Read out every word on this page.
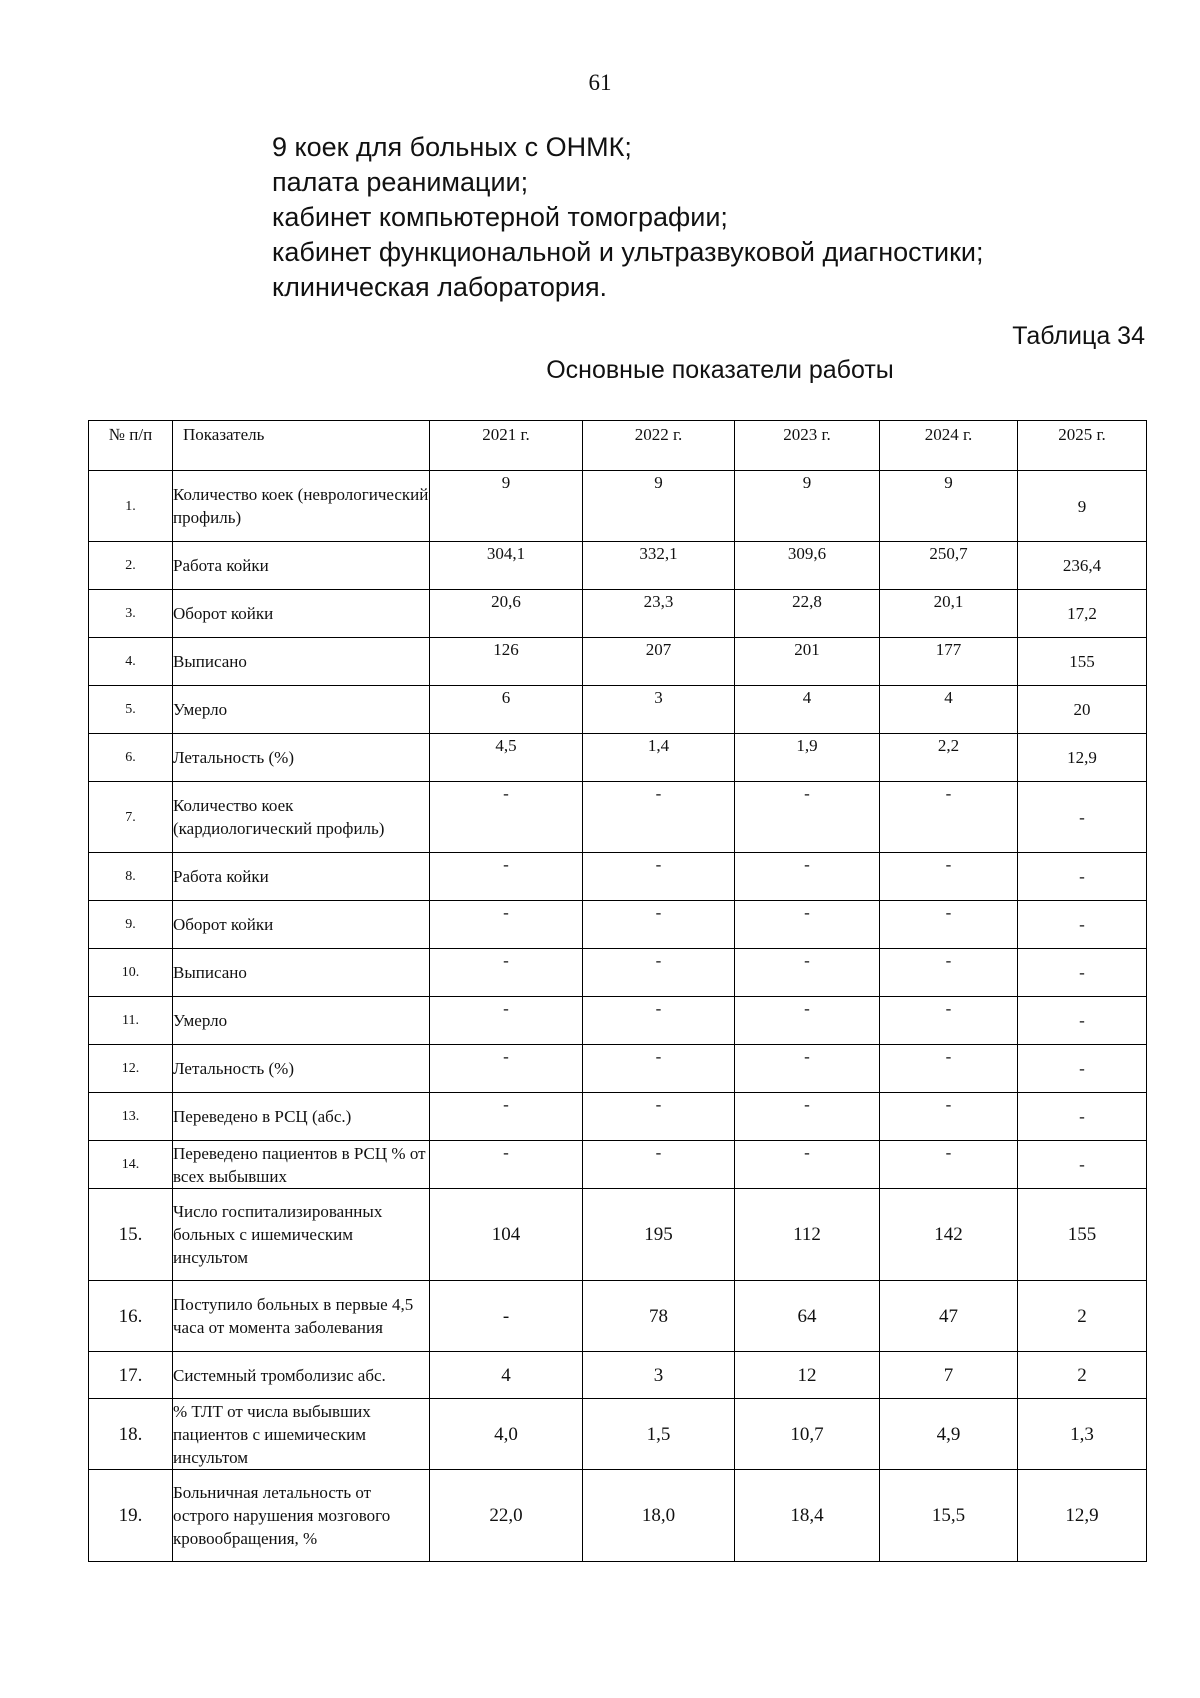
61
9 коек для больных с ОНМК;
палата реанимации;
кабинет компьютерной томографии;
кабинет функциональной и ультразвуковой диагностики;
клиническая лаборатория.
Таблица 34
Основные показатели работы
№ п/п	Показатель	2021 г.	2022 г.	2023 г.	2024 г.	2025 г.
1.	Количество коек (неврологический профиль)	9	9	9	9	9
2.	Работа койки	304,1	332,1	309,6	250,7	236,4
3.	Оборот койки	20,6	23,3	22,8	20,1	17,2
4.	Выписано	126	207	201	177	155
5.	Умерло	6	3	4	4	20
6.	Летальность (%)	4,5	1,4	1,9	2,2	12,9
7.	Количество коек (кардиологический профиль)	-	-	-	-	-
8.	Работа койки	-	-	-	-	-
9.	Оборот койки	-	-	-	-	-
10.	Выписано	-	-	-	-	-
11.	Умерло	-	-	-	-	-
12.	Летальность (%)	-	-	-	-	-
13.	Переведено в РСЦ (абс.)	-	-	-	-	-
14.	Переведено пациентов в РСЦ % от всех выбывших	-	-	-	-	-
15.	Число госпитализированных больных с ишемическим инсультом	104	195	112	142	155
16.	Поступило больных в первые 4,5 часа от момента заболевания	-	78	64	47	2
17.	Системный тромболизис абс.	4	3	12	7	2
18.	% ТЛТ от числа выбывших пациентов с ишемическим инсультом	4,0	1,5	10,7	4,9	1,3
19.	Больничная летальность от острого нарушения мозгового кровообращения, %	22,0	18,0	18,4	15,5	12,9
